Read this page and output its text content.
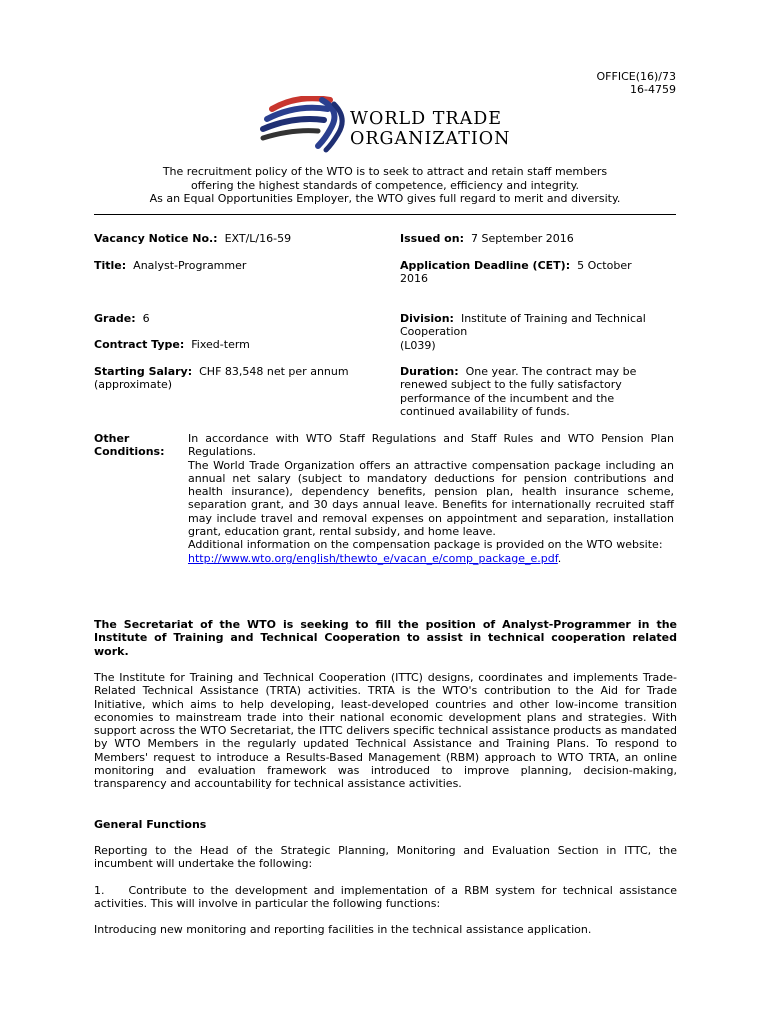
OFFICE(16)/73
16-4759
WORLD TRADE
ORGANIZATION
The recruitment policy of the WTO is to seek to attract and retain staff members
offering the highest standards of competence, efficiency and integrity.
As an Equal Opportunities Employer, the WTO gives full regard to merit and diversity.
Vacancy Notice No.: EXT/L/16-59	Issued on: 7 September 2016
Title: Analyst-Programmer	Application Deadline (CET): 5 October
2016
Grade: 6	Division: Institute of Training and Technical
Cooperation
(L039)
Contract Type: Fixed-term
Starting Salary: CHF 83,548 net per annum
(approximate)
Duration: One year. The contract may be
renewed subject to the fully satisfactory
performance of the incumbent and the
continued availability of funds.
Other
Conditions:
In accordance with WTO Staff Regulations and Staff Rules and WTO Pension Plan Regulations.
The World Trade Organization offers an attractive compensation package including an annual net salary (subject to mandatory deductions for pension contributions and health insurance), dependency benefits, pension plan, health insurance scheme, separation grant, and 30 days annual leave. Benefits for internationally recruited staff may include travel and removal expenses on appointment and separation, installation grant, education grant, rental subsidy, and home leave.
Additional information on the compensation package is provided on the WTO website:
http://www.wto.org/english/thewto_e/vacan_e/comp_package_e.pdf.
The Secretariat of the WTO is seeking to fill the position of Analyst-Programmer in the Institute of Training and Technical Cooperation to assist in technical cooperation related work.
The Institute for Training and Technical Cooperation (ITTC) designs, coordinates and implements Trade-Related Technical Assistance (TRTA) activities. TRTA is the WTO's contribution to the Aid for Trade Initiative, which aims to help developing, least-developed countries and other low-income transition economies to mainstream trade into their national economic development plans and strategies. With support across the WTO Secretariat, the ITTC delivers specific technical assistance products as mandated by WTO Members in the regularly updated Technical Assistance and Training Plans. To respond to Members' request to introduce a Results-Based Management (RBM) approach to WTO TRTA, an online monitoring and evaluation framework was introduced to improve planning, decision-making, transparency and accountability for technical assistance activities.
General Functions
Reporting to the Head of the Strategic Planning, Monitoring and Evaluation Section in ITTC, the incumbent will undertake the following:
1. Contribute to the development and implementation of a RBM system for technical assistance activities. This will involve in particular the following functions:
Introducing new monitoring and reporting facilities in the technical assistance application.
